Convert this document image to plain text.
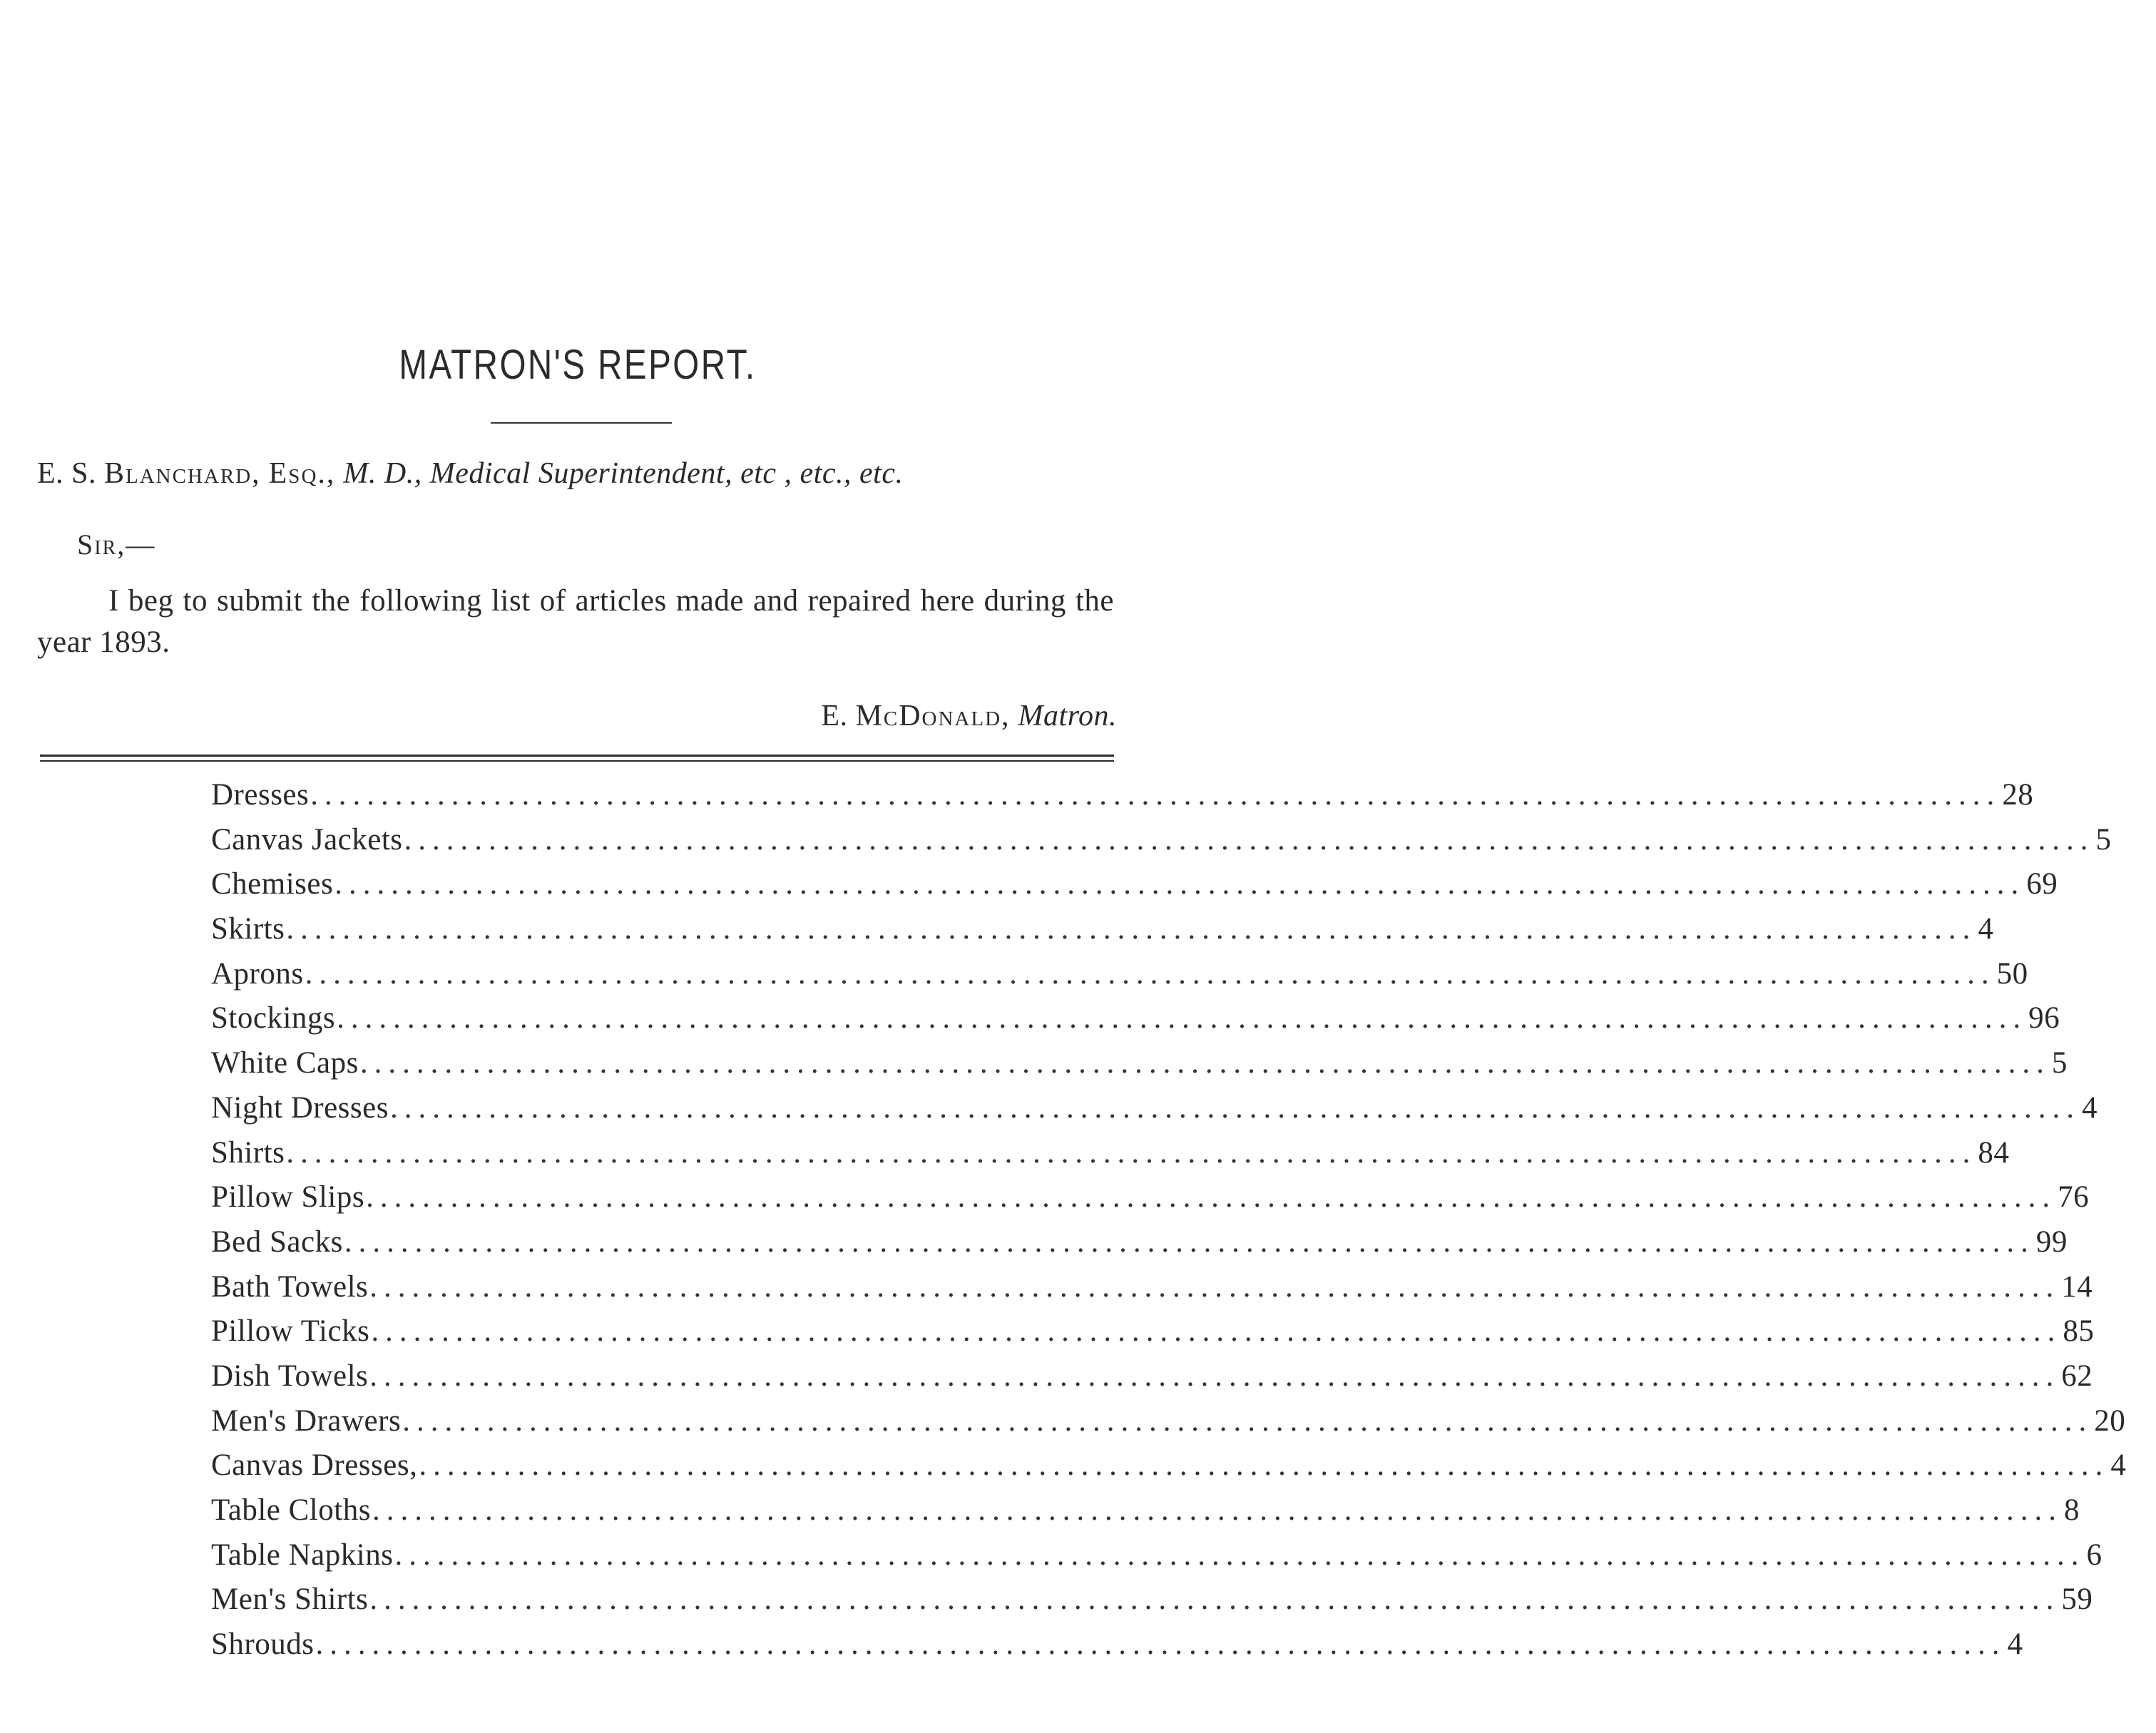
MATRON'S REPORT.
E. S. Blanchard, Esq., M. D., Medical Superintendent, etc , etc., etc.
Sir,—
I beg to submit the following list of articles made and repaired here during the year 1893.
E. McDonald, Matron.
Dresses ........................................................................................................................ 28
Canvas Jackets ........................................................................................................................ 5
Chemises ........................................................................................................................ 69
Skirts ........................................................................................................................ 4
Aprons ........................................................................................................................ 50
Stockings ........................................................................................................................ 96
White Caps ........................................................................................................................ 5
Night Dresses ........................................................................................................................ 4
Shirts ........................................................................................................................ 84
Pillow Slips ........................................................................................................................ 76
Bed Sacks ........................................................................................................................ 99
Bath Towels ........................................................................................................................ 14
Pillow Ticks ........................................................................................................................ 85
Dish Towels ........................................................................................................................ 62
Men's Drawers ........................................................................................................................ 20
Canvas Dresses, ........................................................................................................................ 4
Table Cloths ........................................................................................................................ 8
Table Napkins ........................................................................................................................ 6
Men's Shirts ........................................................................................................................ 59
Shrouds ........................................................................................................................ 4
